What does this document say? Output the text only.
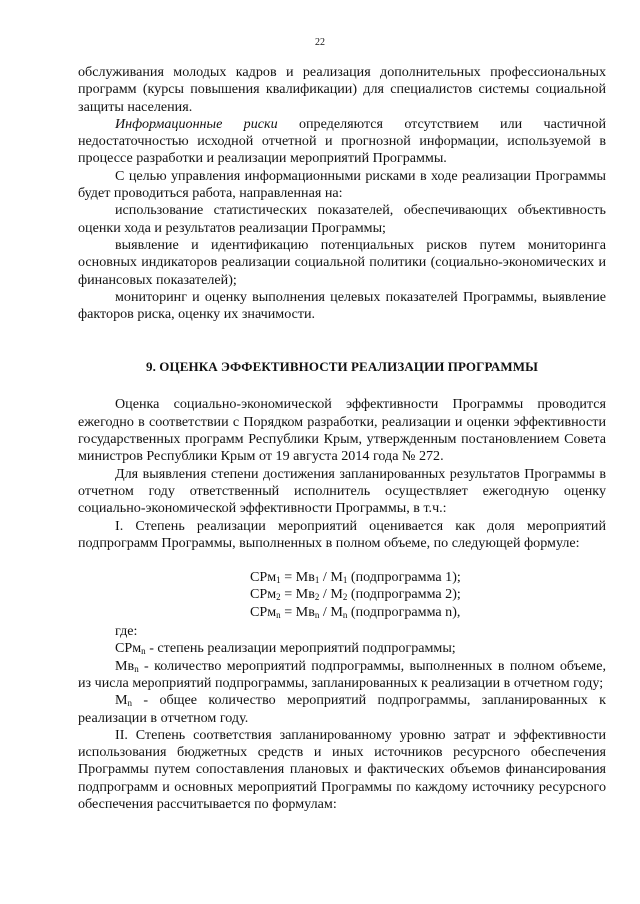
22

обслуживания молодых кадров и реализация дополнительных профессиональных программ (курсы повышения квалификации) для специалистов системы социальной защиты населения.

Информационные риски определяются отсутствием или частичной недостаточностью исходной отчетной и прогнозной информации, используемой в процессе разработки и реализации мероприятий Программы.

С целью управления информационными рисками в ходе реализации Программы будет проводиться работа, направленная на:

использование статистических показателей, обеспечивающих объективность оценки хода и результатов реализации Программы;

выявление и идентификацию потенциальных рисков путем мониторинга основных индикаторов реализации социальной политики (социально-экономических и финансовых показателей);

мониторинг и оценку выполнения целевых показателей Программы, выявление факторов риска, оценку их значимости.

9. ОЦЕНКА ЭФФЕКТИВНОСТИ РЕАЛИЗАЦИИ ПРОГРАММЫ

Оценка социально-экономической эффективности Программы проводится ежегодно в соответствии с Порядком разработки, реализации и оценки эффективности государственных программ Республики Крым, утвержденным постановлением Совета министров Республики Крым от 19 августа 2014 года № 272.

Для выявления степени достижения запланированных результатов Программы в отчетном году ответственный исполнитель осуществляет ежегодную оценку социально-экономической эффективности Программы, в т.ч.:

I. Степень реализации мероприятий оценивается как доля мероприятий подпрограмм Программы, выполненных в полном объеме, по следующей формуле:

$СРм_1 = Мв_1 / М_1$ (подпрограмма 1);
$СРм_2 = Мв_2 / М_2$ (подпрограмма 2);
$СРм_n = Мв_n / М_n$ (подпрограмма n),

где:

СРм$_n$ - степень реализации мероприятий подпрограммы;

$Мв_n$ - количество мероприятий подпрограммы, выполненных в полном объеме, из числа мероприятий подпрограммы, запланированных к реализации в отчетном году;

$М_n$ - общее количество мероприятий подпрограммы, запланированных к реализации в отчетном году.

II. Степень соответствия запланированному уровню затрат и эффективности использования бюджетных средств и иных источников ресурсного обеспечения Программы путем сопоставления плановых и фактических объемов финансирования подпрограмм и основных мероприятий Программы по каждому источнику ресурсного обеспечения рассчитывается по формулам:
